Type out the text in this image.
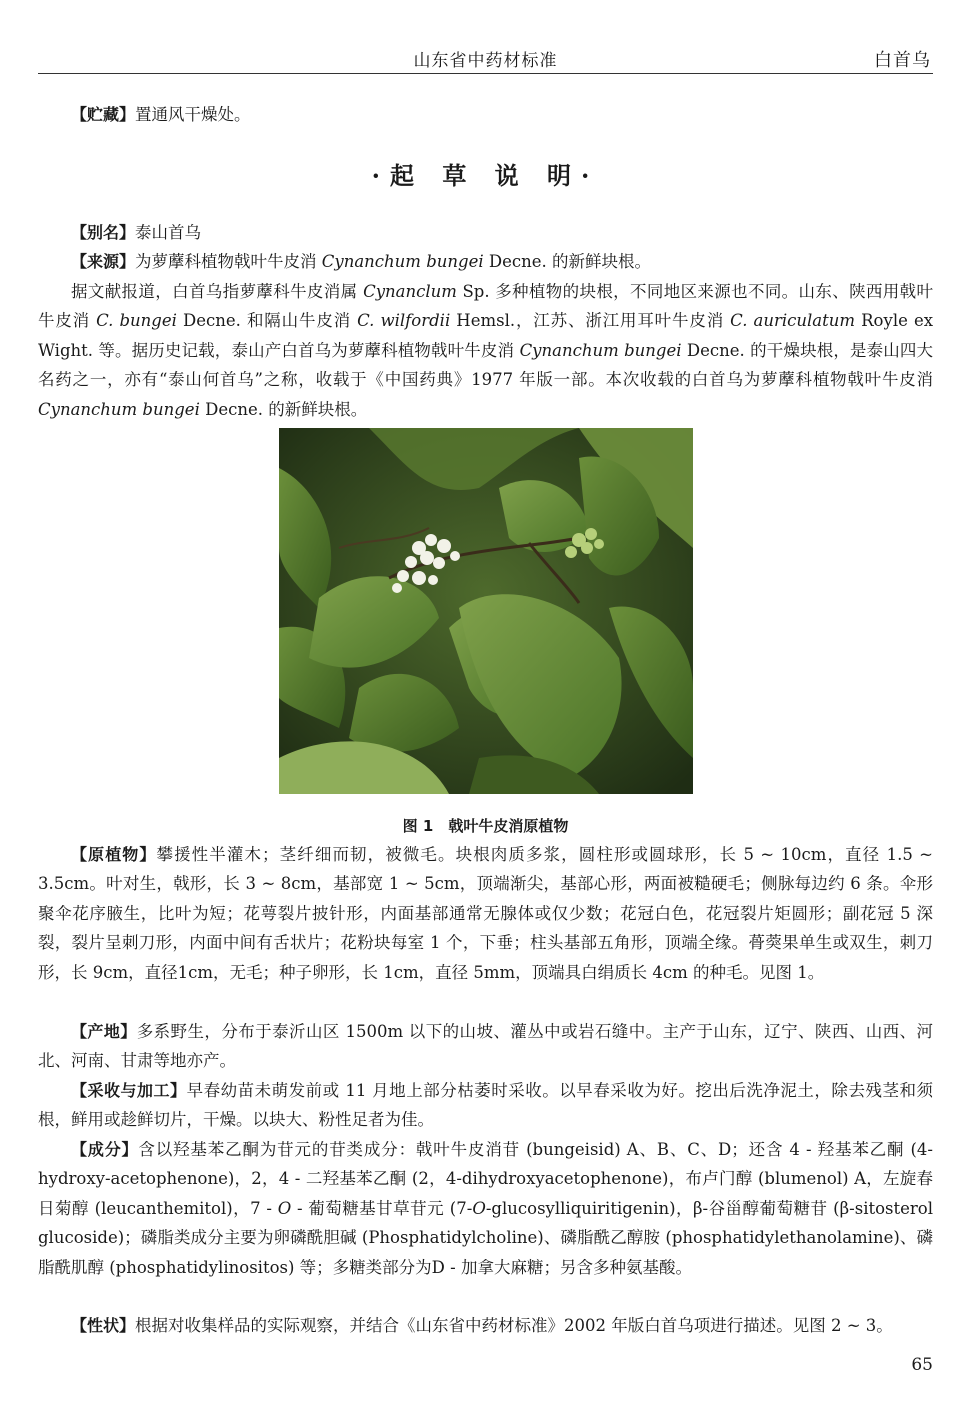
山东省中药材标准	白首乌
【贮藏】置通风干燥处。
·起 草 说 明·
【别名】泰山首乌
【来源】为萝藦科植物戟叶牛皮消 Cynanchum bungei Decne. 的新鲜块根。
据文献报道，白首乌指萝藦科牛皮消属 Cynanclum Sp. 多种植物的块根，不同地区来源也不同。山东、陕西用戟叶牛皮消 C. bungei Decne. 和隔山牛皮消 C. wilfordii Hemsl.，江苏、浙江用耳叶牛皮消 C. auriculatum Royle ex Wight. 等。据历史记载，泰山产白首乌为萝藦科植物戟叶牛皮消 Cynanchum bungei Decne. 的干燥块根，是泰山四大名药之一，亦有“泰山何首乌”之称，收载于《中国药典》1977 年版一部。本次收载的白首乌为萝藦科植物戟叶牛皮消 Cynanchum bungei Decne. 的新鲜块根。
图 1　戟叶牛皮消原植物
【原植物】攀援性半灌木；茎纤细而韧，被微毛。块根肉质多浆，圆柱形或圆球形，长 5 ~ 10cm，直径 1.5 ~ 3.5cm。叶对生，戟形，长 3 ~ 8cm，基部宽 1 ~ 5cm，顶端渐尖，基部心形，两面被糙硬毛；侧脉每边约 6 条。伞形聚伞花序腋生，比叶为短；花萼裂片披针形，内面基部通常无腺体或仅少数；花冠白色，花冠裂片矩圆形；副花冠 5 深裂，裂片呈刺刀形，内面中间有舌状片；花粉块每室 1 个，下垂；柱头基部五角形，顶端全缘。蓇葖果单生或双生，刺刀形，长 9cm，直径1cm，无毛；种子卵形，长 1cm，直径 5mm，顶端具白绢质长 4cm 的种毛。见图 1。
【产地】多系野生，分布于泰沂山区 1500m 以下的山坡、灌丛中或岩石缝中。主产于山东，辽宁、陕西、山西、河北、河南、甘肃等地亦产。
【采收与加工】早春幼苗未萌发前或 11 月地上部分枯萎时采收。以早春采收为好。挖出后洗净泥土，除去残茎和须根，鲜用或趁鲜切片，干燥。以块大、粉性足者为佳。
【成分】含以羟基苯乙酮为苷元的苷类成分：戟叶牛皮消苷 (bungeisid) A、B、C、D；还含 4 - 羟基苯乙酮 (4-hydroxy-acetophenone)，2，4 - 二羟基苯乙酮 (2，4-dihydroxyacetophenone)，布卢门醇 (blumenol) A，左旋春日菊醇 (leucanthemitol)，7 - O - 葡萄糖基甘草苷元 (7-O-glucosylliquiritigenin)，β-谷甾醇葡萄糖苷 (β-sitosterol glucoside)；磷脂类成分主要为卵磷酰胆碱 (Phosphatidylcholine)、磷脂酰乙醇胺 (phosphatidylethanolamine)、磷脂酰肌醇 (phosphatidylinositos) 等；多糖类部分为D - 加拿大麻糖；另含多种氨基酸。
【性状】根据对收集样品的实际观察，并结合《山东省中药材标准》2002 年版白首乌项进行描述。见图 2 ~ 3。
65
